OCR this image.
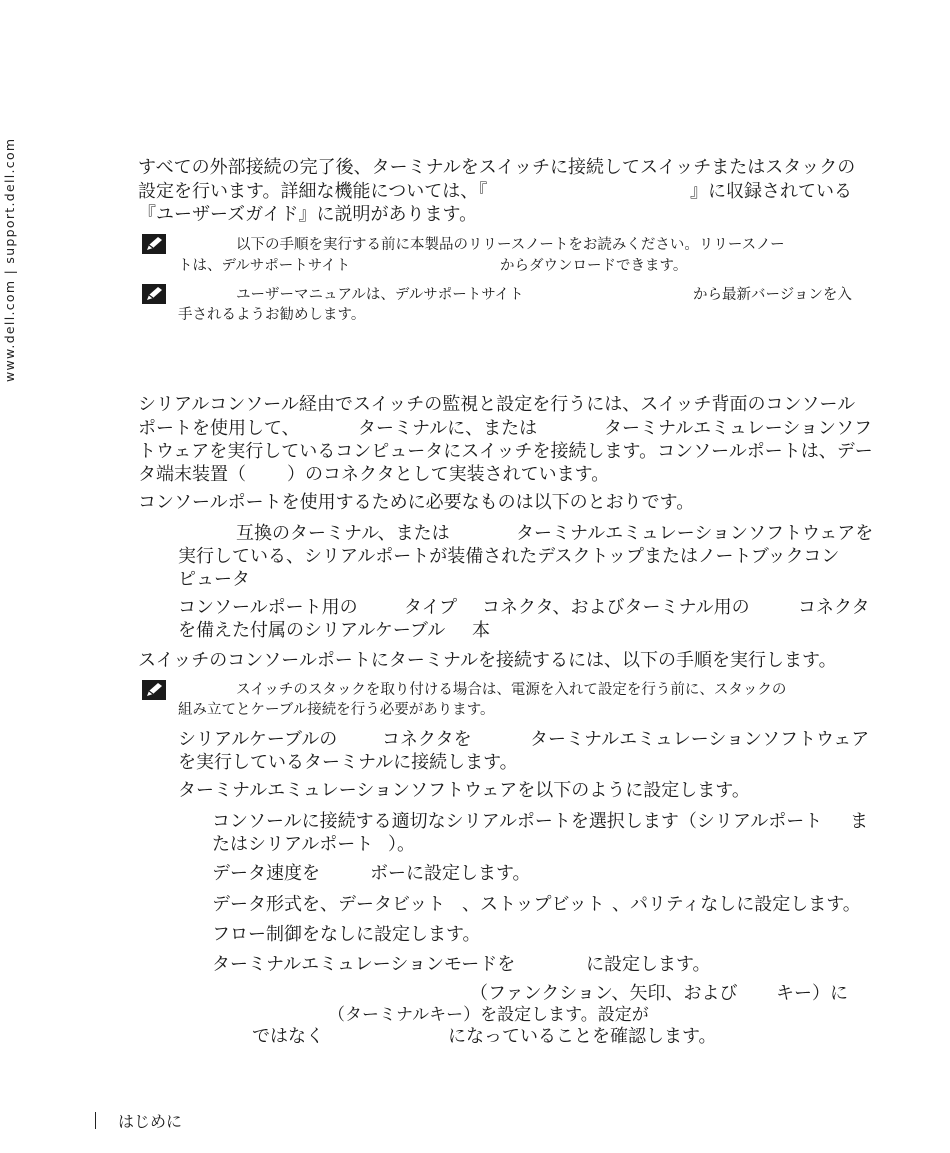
www.dell.com | support.dell.com	すべての外部接続の完了後、ターミナルをスイッチに接続してスイッチまたはスタックの
設定を行います。詳細な機能については、『	』に収録されている
『ユーザーズガイド』に説明があります。
以下の手順を実行する前に本製品のリリースノートをお読みください。リリースノー
トは、デルサポートサイト	からダウンロードできます。
ユーザーマニュアルは、デルサポートサイト	から最新バージョンを入
手されるようお勧めします。
シリアルコンソール経由でスイッチの監視と設定を行うには、スイッチ背面のコンソール
ポートを使用して、	ターミナルに、または	ターミナルエミュレーションソフ
トウェアを実行しているコンピュータにスイッチを接続します。コンソールポートは、デー
タ端末装置（ ）のコネクタとして実装されています。
コンソールポートを使用するために必要なものは以下のとおりです。
互換のターミナル、または	ターミナルエミュレーションソフトウェアを
実行している、シリアルポートが装備されたデスクトップまたはノートブックコン
ピュータ
コンソールポート用の	タイプ コネクタ、およびターミナル用の	コネクタ
を備えた付属のシリアルケーブル 本
スイッチのコンソールポートにターミナルを接続するには、以下の手順を実行します。
スイッチのスタックを取り付ける場合は、電源を入れて設定を行う前に、スタックの
組み立てとケーブル接続を行う必要があります。
シリアルケーブルの コネクタを	ターミナルエミュレーションソフトウェア
を実行しているターミナルに接続します。
ターミナルエミュレーションソフトウェアを以下のように設定します。
コンソールに接続する適切なシリアルポートを選択します（シリアルポート ま
たはシリアルポート ）。
データ速度を	ボーに設定します。
データ形式を、データビット 、ストップビット 、パリティなしに設定します。
フロー制御をなしに設定します。
ターミナルエミュレーションモードを	に設定します。
（ファンクション、矢印、および キー）に
（ターミナルキー）を設定します。設定が
ではなく	になっていることを確認します。
はじめに
